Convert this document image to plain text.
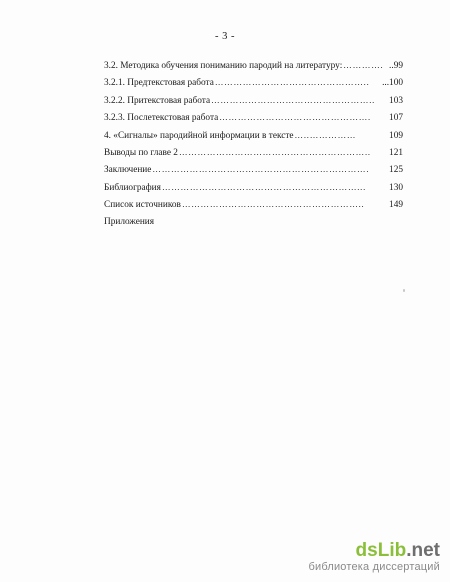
- 3 -
3.2. Методика обучения пониманию пародий на литературу: …………. ..99
3.2.1. Предтекстовая работа …………………………………………..	...100
3.2.2. Притекстовая работа ……………………………………………..	103
3.2.3. Послетекстовая работа ………………………………………….	107
4. «Сигналы» пародийной информации в тексте …..……………	109
Выводы по главе 2 ……………………………………………………..	121
Заключение …………………………………………………………….	125
Библиография ………………………………………………………...	130
Список источников …………………………………………………..	149
Приложения
dsLib.net
библиотека диссертаций
